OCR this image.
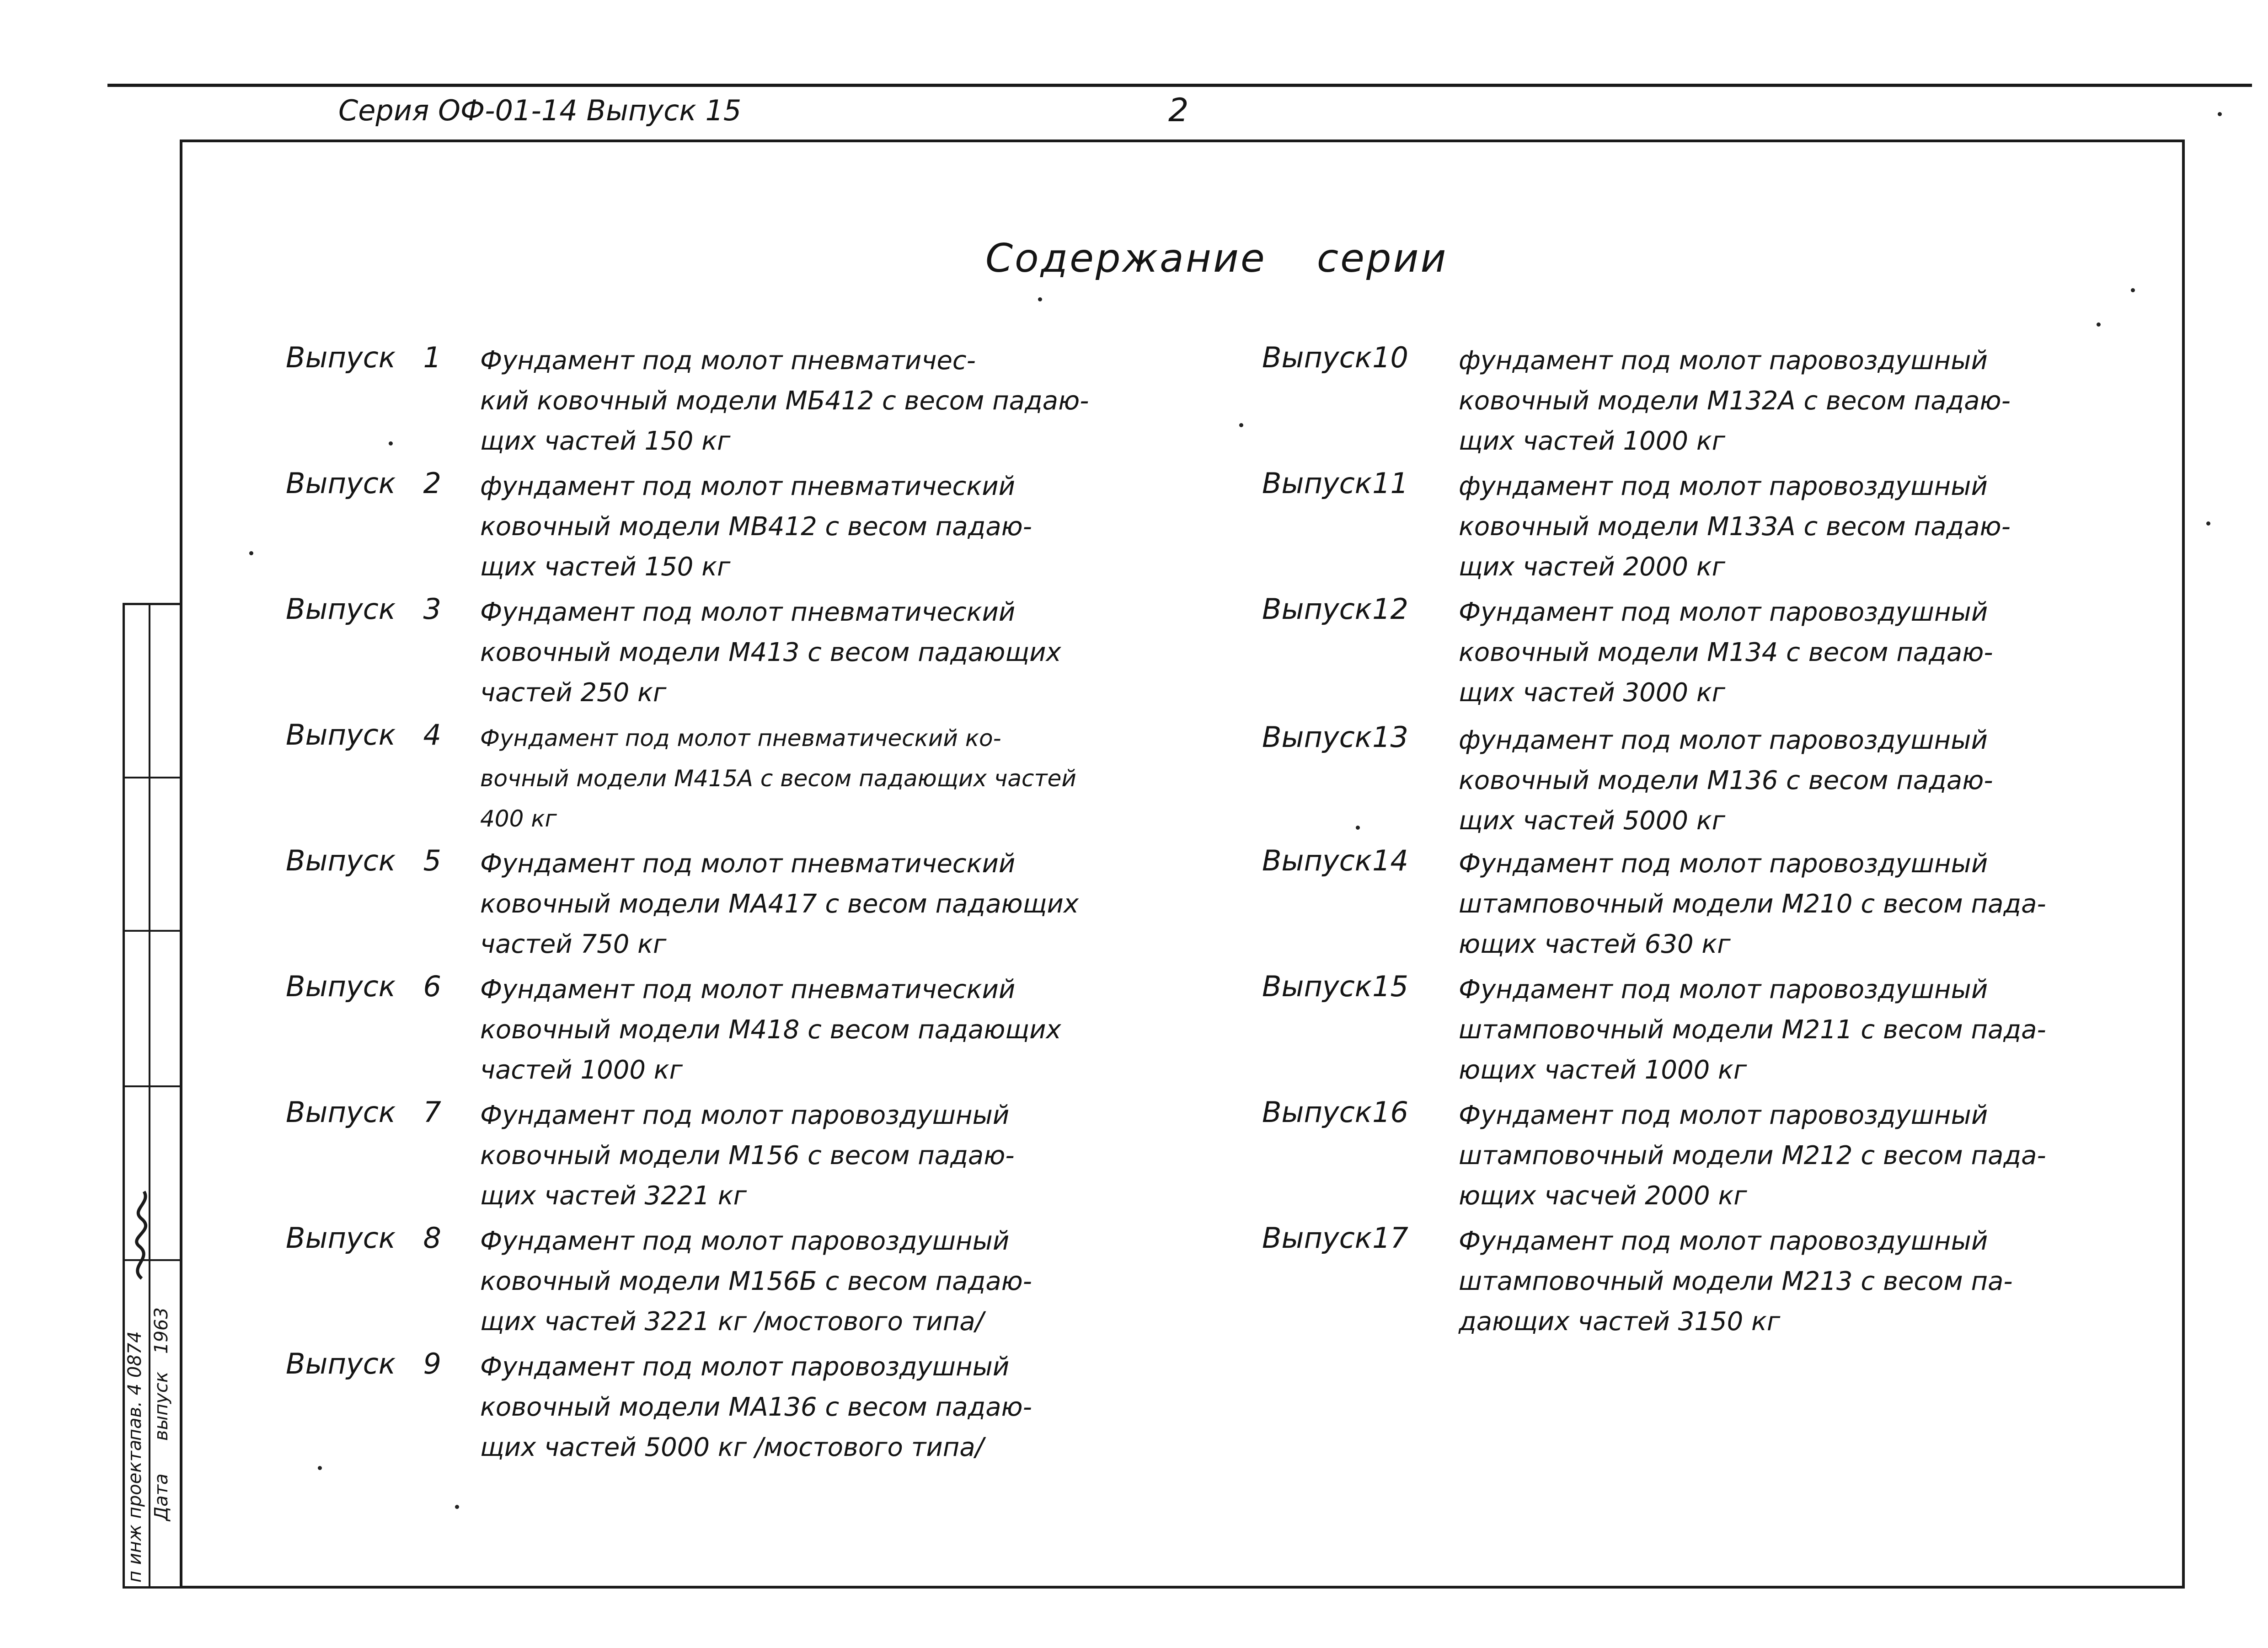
Серия ОФ-01-14 Выпуск 15	2
Содержание серии
Выпуск 1 Фундамент под молот пневматичес-
кий ковочный модели МБ412 с весом падаю-
щих частей 150 кг
Выпуск 2 фундамент под молот пневматический
ковочный модели МВ412 с весом падаю-
щих частей 150 кг
Выпуск 3 Фундамент под молот пневматический
ковочный модели М413 с весом падающих
частей 250 кг
Выпуск 4 Фундамент под молот пневматический ко-
вочный модели М415А с весом падающих частей
400 кг
Выпуск 5 Фундамент под молот пневматический
ковочный модели МА417 с весом падающих
частей 750 кг
Выпуск 6 Фундамент под молот пневматический
ковочный модели М418 с весом падающих
частей 1000 кг
Выпуск 7 Фундамент под молот паровоздушный
ковочный модели М156 с весом падаю-
щих частей 3221 кг
Выпуск 8 Фундамент под молот паровоздушный
ковочный модели М156Б с весом падаю-
щих частей 3221 кг /мостового типа/
Выпуск 9 Фундамент под молот паровоздушный
ковочный модели МА136 с весом падаю-
щих частей 5000 кг /мостового типа/
Выпуск 10 фундамент под молот паровоздушный
ковочный модели М132А с весом падаю-
щих частей 1000 кг
Выпуск 11 фундамент под молот паровоздушный
ковочный модели М133А с весом падаю-
щих частей 2000 кг
Выпуск 12 Фундамент под молот паровоздушный
ковочный модели М134 с весом падаю-
щих частей 3000 кг
Выпуск 13 фундамент под молот паровоздушный
ковочный модели М136 с весом падаю-
щих частей 5000 кг
Выпуск 14 Фундамент под молот паровоздушный
штамповочный модели М210 с весом пада-
ющих частей 630 кг
Выпуск 15 Фундамент под молот паровоздушный
штамповочный модели М211 с весом пада-
ющих частей 1000 кг
Выпуск 16 Фундамент под молот паровоздушный
штамповочный модели М212 с весом пада-
ющих часчей 2000 кг
Выпуск 17 Фундамент под молот паровоздушный
штамповочный модели М213 с весом па-
дающих частей 3150 кг
п инж проекта Дата
пав. 4 0874 выпуск
1963
